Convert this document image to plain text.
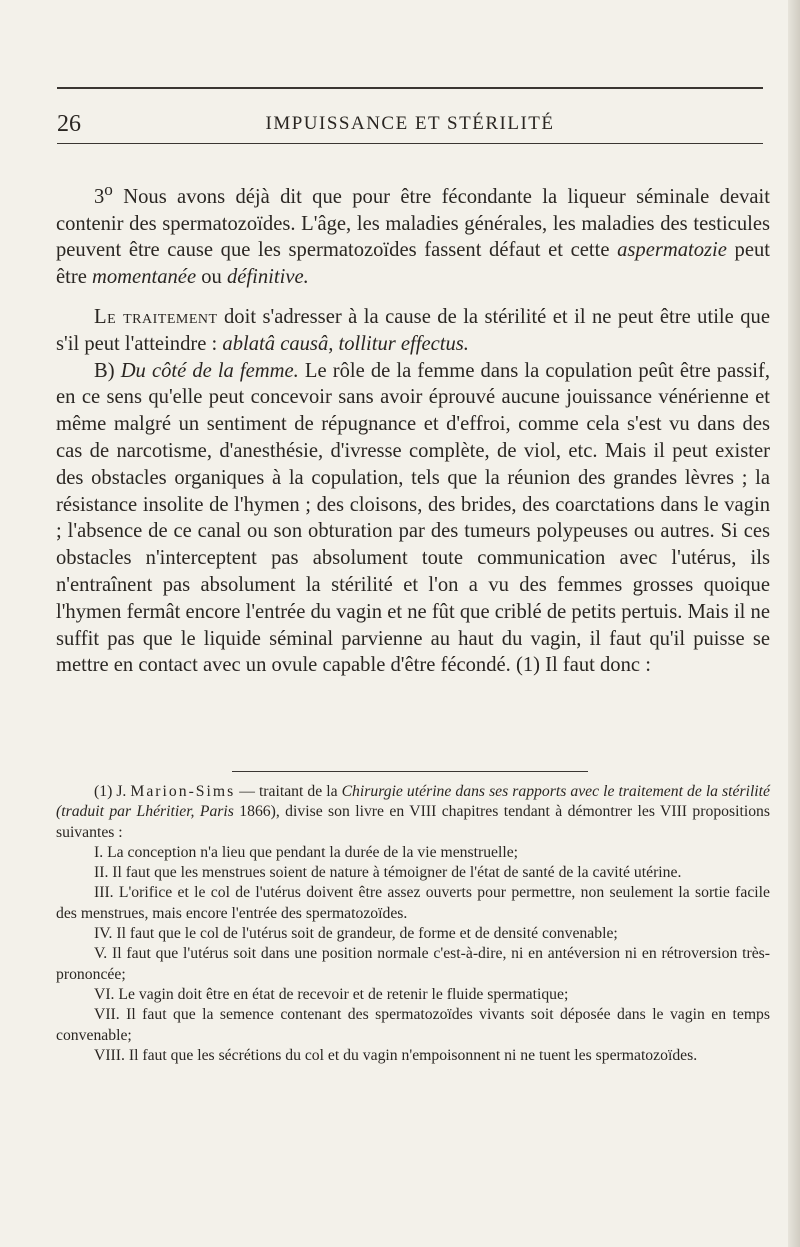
26	IMPUISSANCE ET STÉRILITÉ

3$^o$ Nous avons déjà dit que pour être fécondante la liqueur séminale devait contenir des spermatozoïdes. L'âge, les maladies générales, les maladies des testicules peuvent être cause que les spermatozoïdes fassent défaut et cette aspermatozie peut être momentanée ou définitive.

Le traitement doit s'adresser à la cause de la stérilité et il ne peut être utile que s'il peut l'atteindre : ablatâ causâ, tollitur effectus.

B) Du côté de la femme. Le rôle de la femme dans la copulation peût être passif, en ce sens qu'elle peut concevoir sans avoir éprouvé aucune jouissance vénérienne et même malgré un sentiment de répugnance et d'effroi, comme cela s'est vu dans des cas de narcotisme, d'anesthésie, d'ivresse complète, de viol, etc. Mais il peut exister des obstacles organiques à la copulation, tels que la réunion des grandes lèvres ; la résistance insolite de l'hymen ; des cloisons, des brides, des coarctations dans le vagin ; l'absence de ce canal ou son obturation par des tumeurs polypeuses ou autres. Si ces obstacles n'interceptent pas absolument toute communication avec l'utérus, ils n'entraînent pas absolument la stérilité et l'on a vu des femmes grosses quoique l'hymen fermât encore l'entrée du vagin et ne fût que criblé de petits pertuis. Mais il ne suffit pas que le liquide séminal parvienne au haut du vagin, il faut qu'il puisse se mettre en contact avec un ovule capable d'être fécondé. (1) Il faut donc :

(1) J. Marion-Sims — traitant de la Chirurgie utérine dans ses rapports avec le traitement de la stérilité (traduit par Lhéritier, Paris 1866), divise son livre en VIII chapitres tendant à démontrer les VIII propositions suivantes :

I. La conception n'a lieu que pendant la durée de la vie menstruelle;

II. Il faut que les menstrues soient de nature à témoigner de l'état de santé de la cavité utérine.

III. L'orifice et le col de l'utérus doivent être assez ouverts pour permettre, non seulement la sortie facile des menstrues, mais encore l'entrée des spermatozoïdes.

IV. Il faut que le col de l'utérus soit de grandeur, de forme et de densité convenable;

V. Il faut que l'utérus soit dans une position normale c'est-à-dire, ni en antéversion ni en rétroversion très-prononcée;

VI. Le vagin doit être en état de recevoir et de retenir le fluide spermatique;

VII. Il faut que la semence contenant des spermatozoïdes vivants soit déposée dans le vagin en temps convenable;

VIII. Il faut que les sécrétions du col et du vagin n'empoisonnent ni ne tuent les spermatozoïdes.
